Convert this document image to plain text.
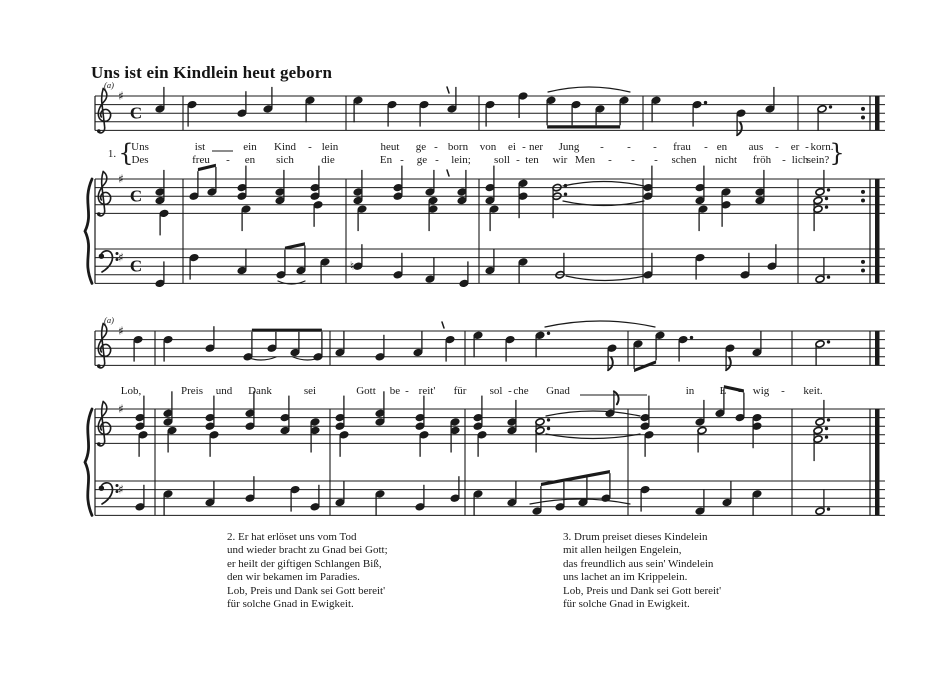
Uns ist ein Kindlein heut geborn
♯
C
(a)
Uns	ist	ein Kind - lein	heut ge - born von ei - ner Jung - - - frau - en aus - er - korn.
Des	freu - en sich die	En - ge - lein; soll - ten wir Men - - - schen nicht fröh - lich
sein?
1. {	}
♯
C
♯ C	♮
♯
(a)
Lob,	Preis und Dank	sei	Gott be - reit' für sol - che Gnad	in E wig - keit.
♯
♯
2. Er hat erlöset uns vom Tod
und wieder bracht zu Gnad bei Gott;
er heilt der giftigen Schlangen Biß,
den wir bekamen im Paradies.
Lob, Preis und Dank sei Gott bereit'
für solche Gnad in Ewigkeit.
3. Drum preiset dieses Kindelein
mit allen heilgen Engelein,
das freundlich aus sein' Windelein
uns lachet an im Krippelein.
Lob, Preis und Dank sei Gott bereit'
für solche Gnad in Ewigkeit.
